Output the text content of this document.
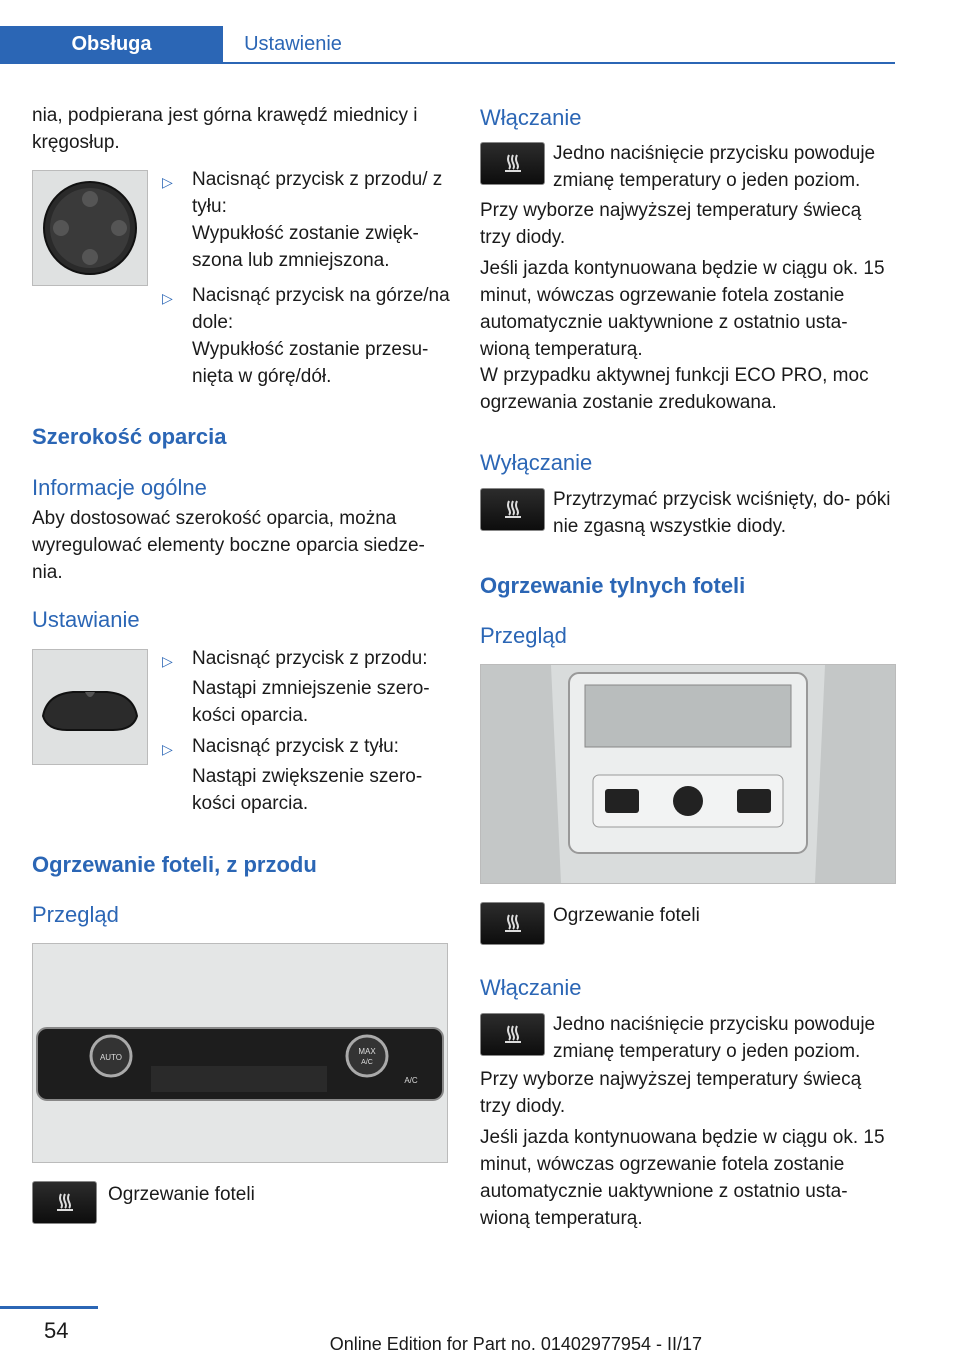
Obsługa	Ustawienie

nia, podpierana jest górna krawędź miednicy i kręgosłup.

▷ Nacisnąć przycisk z przodu/ z tyłu:

Wypukłość zostanie zwięk‐ szona lub zmniejszona.

▷ Nacisnąć przycisk na górze/na dole:

Wypukłość zostanie przesu‐ nięta w górę/dół.

Szerokość oparcia
Informacje ogólne

Aby dostosować szerokość oparcia, można wyregulować elementy boczne oparcia siedze‐ nia.

Ustawianie
▷ Nacisnąć przycisk z przodu:

Nastąpi zmniejszenie szero‐ kości oparcia.

▷ Nacisnąć przycisk z tyłu:

Nastąpi zwiększenie szero‐ kości oparcia.

Ogrzewanie foteli, z przodu
Przegląd
AUTO
MAX
A/C
A/C

Ogrzewanie foteli

Włączanie

Jedno naciśnięcie przycisku powoduje zmianę temperatury o jeden poziom.

Przy wyborze najwyższej temperatury świecą trzy diody.

Jeśli jazda kontynuowana będzie w ciągu ok. 15 minut, wówczas ogrzewanie fotela zostanie automatycznie uaktywnione z ostatnio usta‐ wioną temperaturą.

W przypadku aktywnej funkcji ECO PRO, moc ogrzewania zostanie zredukowana.

Wyłączanie

Przytrzymać przycisk wciśnięty, do‐ póki nie zgasną wszystkie diody.

Ogrzewanie tylnych foteli
Przegląd

Ogrzewanie foteli

Włączanie

Jedno naciśnięcie przycisku powoduje zmianę temperatury o jeden poziom.

Przy wyborze najwyższej temperatury świecą trzy diody.

Jeśli jazda kontynuowana będzie w ciągu ok. 15 minut, wówczas ogrzewanie fotela zostanie automatycznie uaktywnione z ostatnio usta‐ wioną temperaturą.

54
Online Edition for Part no. 01402977954 - II/17
